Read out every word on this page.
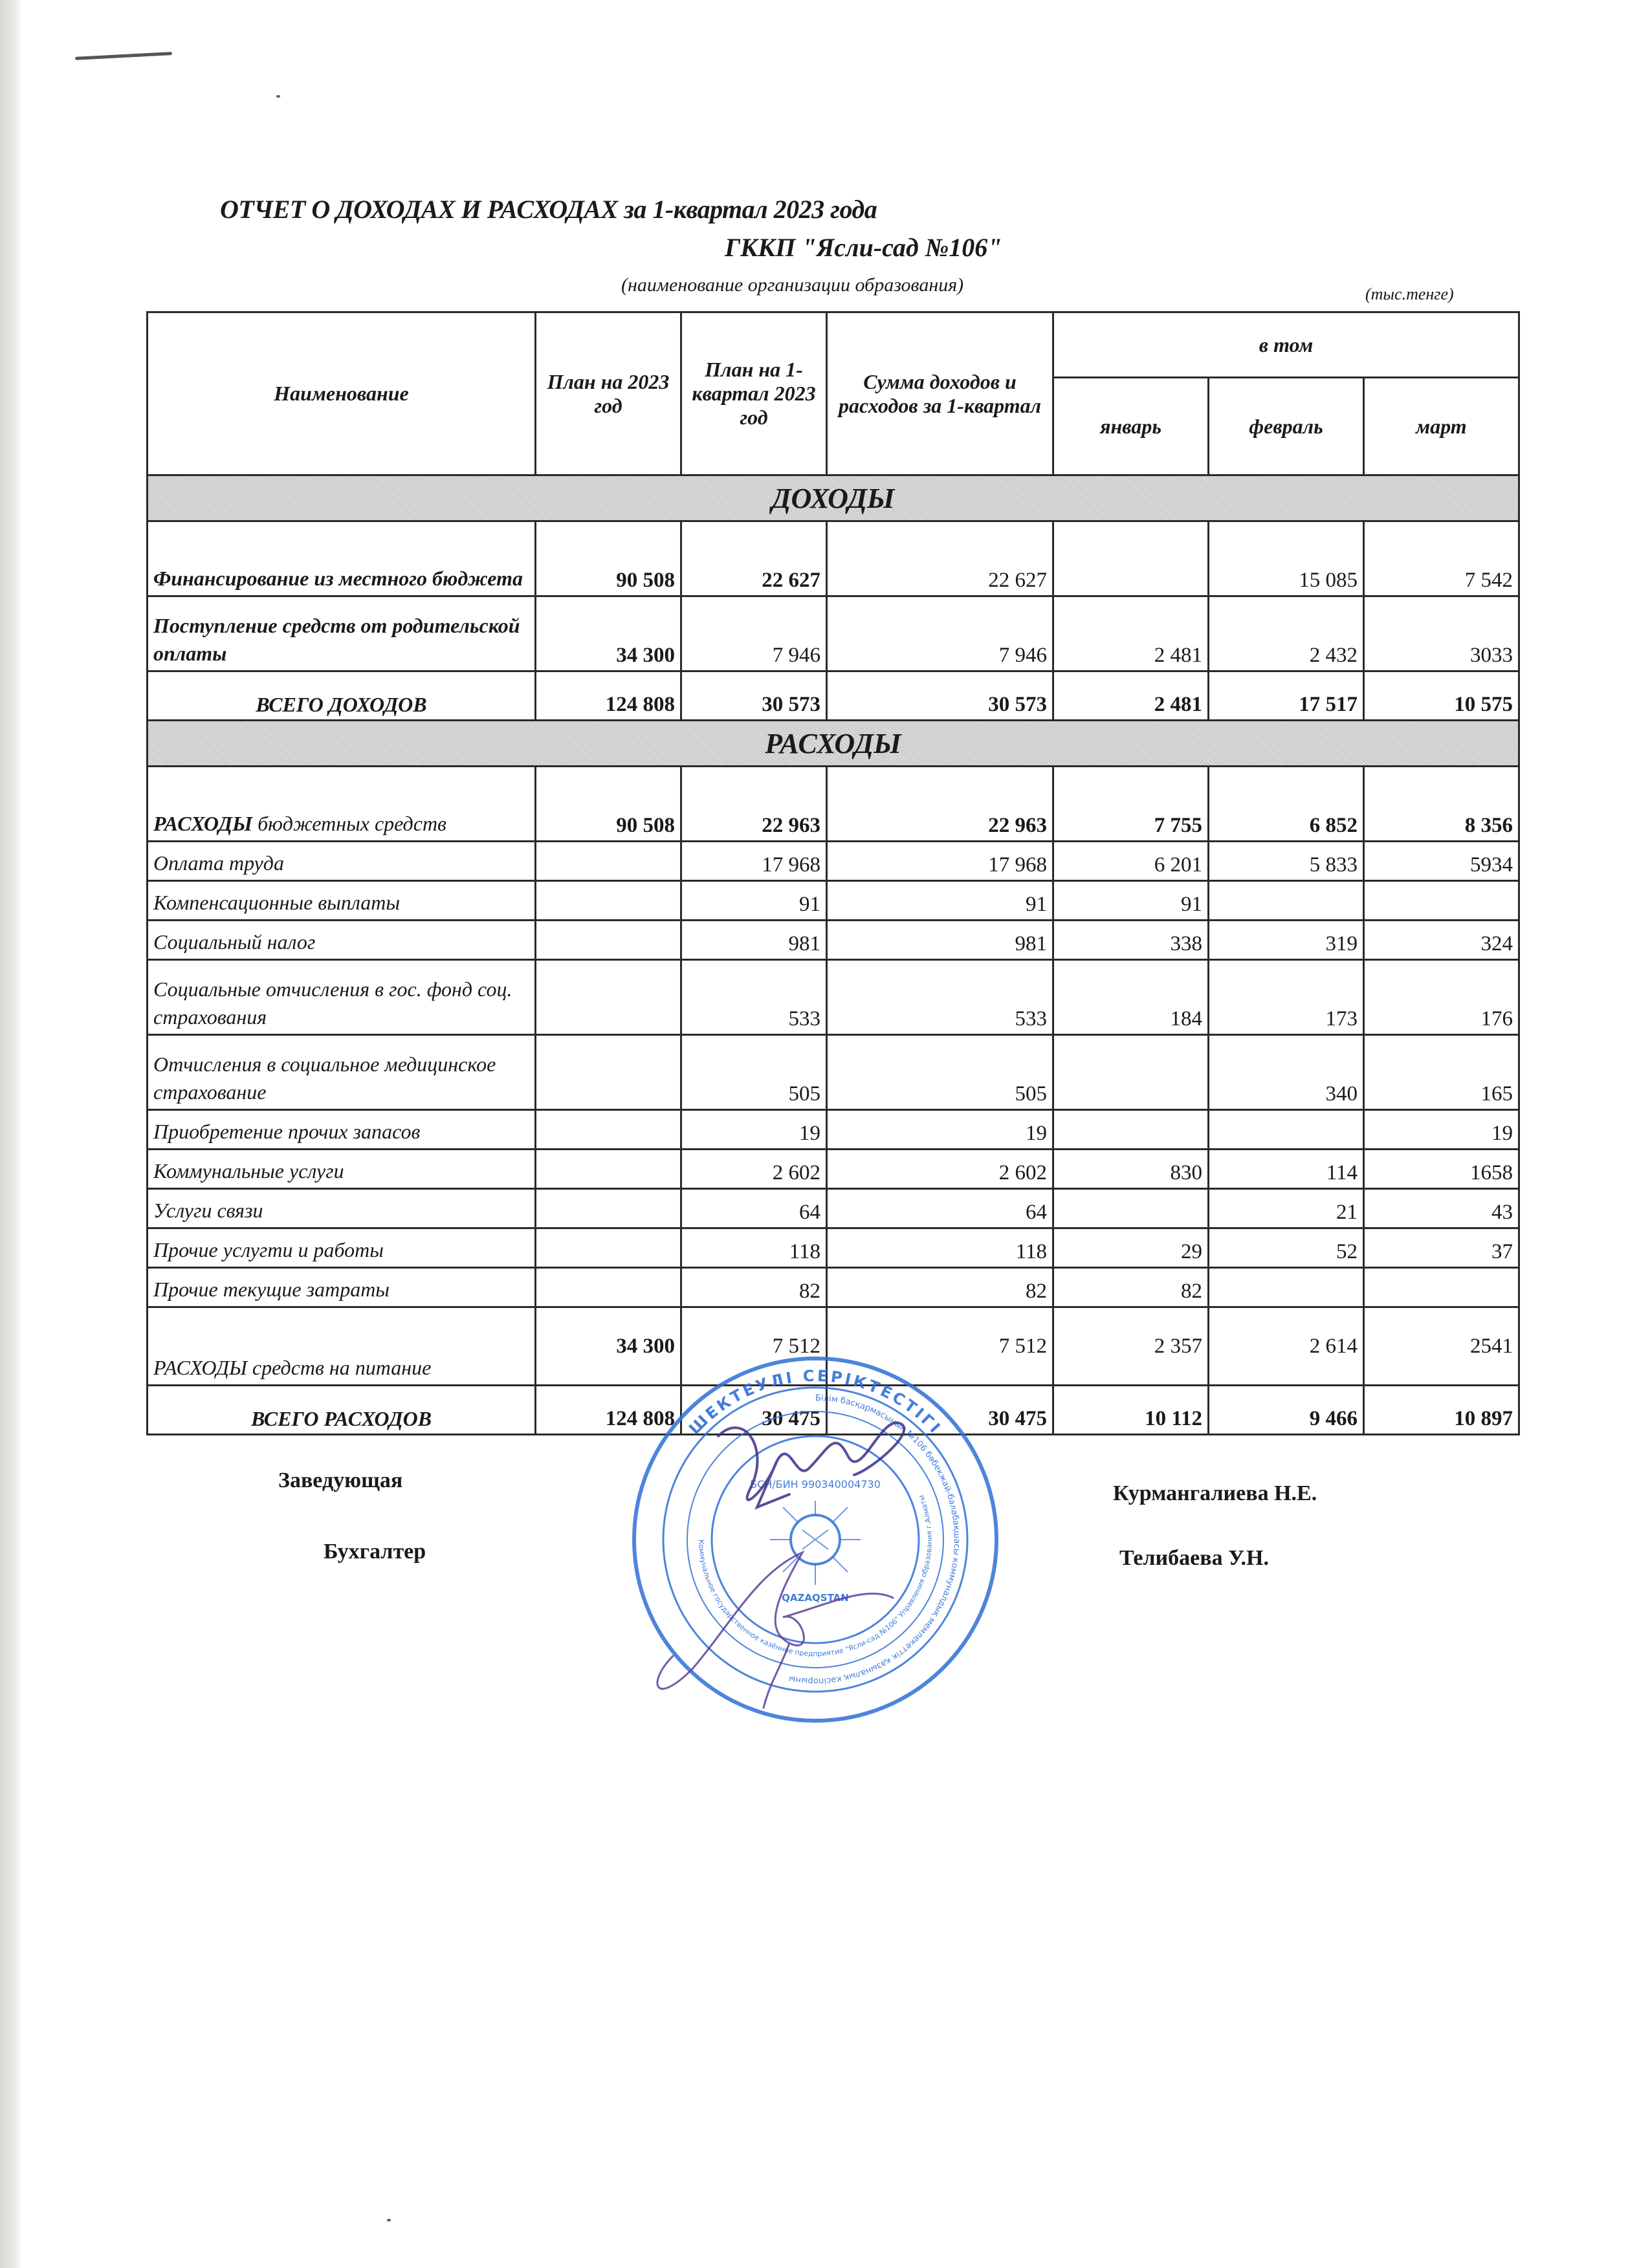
ОТЧЕТ О ДОХОДАХ И РАСХОДАХ за 1-квартал 2023 года
ГККП "Ясли-сад №106"
(наименование организации образования)	(тыс.тенге)
Наименование	План на 2023 год	План на 1-квартал 2023 год	Сумма доходов и расходов за 1-квартал	в том		
				январь	февраль	март
ДОХОДЫ						
Финансирование из местного бюджета	90 508	22 627	22 627		15 085	7 542
Поступление средств от родительской оплаты	34 300	7 946	7 946	2 481	2 432	3033
ВСЕГО ДОХОДОВ	124 808	30 573	30 573	2 481	17 517	10 575
РАСХОДЫ						
РАСХОДЫ бюджетных средств	90 508	22 963	22 963	7 755	6 852	8 356
Оплата труда		17 968	17 968	6 201	5 833	5934
Компенсационные выплаты		91	91	91		
Социальный налог		981	981	338	319	324
Социальные отчисления в гос. фонд соц. страхования		533	533	184	173	176
Отчисления в социальное медицинское страхование		505	505		340	165
Приобретение прочих запасов		19	19			19
Коммунальные услуги		2 602	2 602	830	114	1658
Услуги связи		64	64		21	43
Прочие услугти и работы		118	118	29	52	37
Прочие текущие затраты		82	82	82		
РАСХОДЫ средств на питание	34 300	7 512	7 512	2 357	2 614	2541
ВСЕГО РАСХОДОВ	124 808	30 475	30 475	10 112	9 466	10 897
ШЕКТЕУЛІ СЕРІКТЕСТІГІ
Білім басқармасының №106 бөбекжай-балабақшасы коммуналдық мемлекеттік қазыналық кәсіпорыны
Коммунальное государственное казённое предприятие "Ясли-сад №106" Управления образования г.Алматы
БСН/БИН 990340004730
QAZAQSTAN
Заведующая
Курмангалиева Н.Е.
Бухгалтер	Телибаева У.Н.
